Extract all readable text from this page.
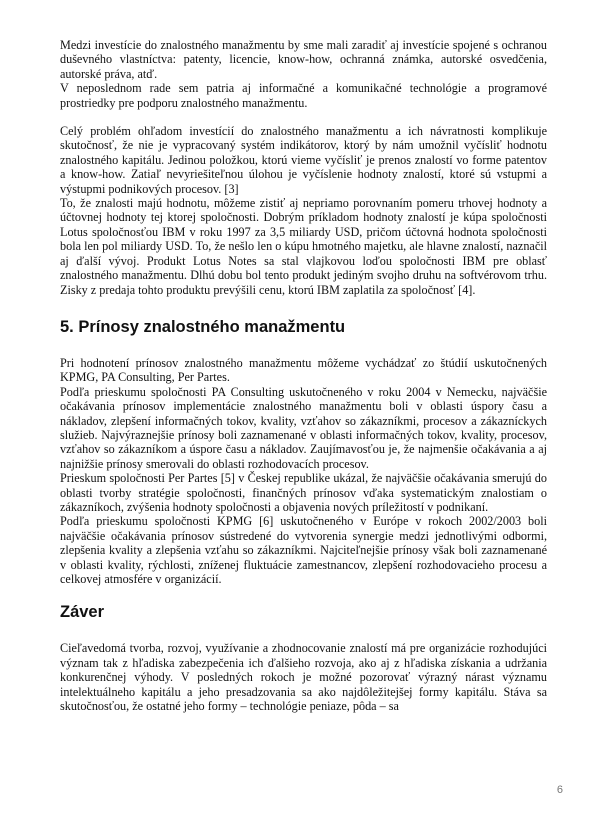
Medzi investície do znalostného manažmentu by sme mali zaradiť aj investície spojené s ochranou duševného vlastníctva: patenty, licencie, know-how, ochranná známka, autorské osvedčenia, autorské práva, atď.

V neposlednom rade sem patria aj informačné a komunikačné technológie a programové prostriedky pre podporu znalostného manažmentu.

Celý problém ohľadom investícií do znalostného manažmentu a ich návratnosti komplikuje skutočnosť, že nie je vypracovaný systém indikátorov, ktorý by nám umožnil vyčísliť hodnotu znalostného kapitálu. Jedinou položkou, ktorú vieme vyčísliť je prenos znalostí vo forme patentov a know-how. Zatiaľ nevyriešiteľnou úlohou je vyčíslenie hodnoty znalostí, ktoré sú vstupmi a výstupmi podnikových procesov. [3]

To, že znalosti majú hodnotu, môžeme zistiť aj nepriamo porovnaním pomeru trhovej hodnoty a účtovnej hodnoty tej ktorej spoločnosti. Dobrým príkladom hodnoty znalostí je kúpa spoločnosti Lotus spoločnosťou IBM v roku 1997 za 3,5 miliardy USD, pričom účtovná hodnota spoločnosti bola len pol miliardy USD. To, že nešlo len o kúpu hmotného majetku, ale hlavne znalostí, naznačil aj ďalší vývoj. Produkt Lotus Notes sa stal vlajkovou loďou spoločnosti IBM pre oblasť znalostného manažmentu. Dlhú dobu bol tento produkt jediným svojho druhu na softvérovom trhu. Zisky z predaja tohto produktu prevýšili cenu, ktorú IBM zaplatila za spoločnosť [4].

5. Prínosy znalostného manažmentu

Pri hodnotení prínosov znalostného manažmentu môžeme vychádzať zo štúdií uskutočnených KPMG, PA Consulting, Per Partes.

Podľa prieskumu spoločnosti PA Consulting uskutočneného v roku 2004 v Nemecku, najväčšie očakávania prínosov implementácie znalostného manažmentu boli v oblasti úspory času a nákladov, zlepšení informačných tokov, kvality, vzťahov so zákazníkmi, procesov a zákazníckych služieb. Najvýraznejšie prínosy boli zaznamenané v oblasti informačných tokov, kvality, procesov, vzťahov so zákazníkom a úspore času a nákladov. Zaujímavosťou je, že najmenšie očakávania a aj najnižšie prínosy smerovali do oblasti rozhodovacích procesov.

Prieskum spoločnosti Per Partes [5] v Českej republike ukázal, že najväčšie očakávania smerujú do oblasti tvorby stratégie spoločnosti, finančných prínosov vďaka systematickým znalostiam o zákazníkoch, zvýšenia hodnoty spoločnosti a objavenia nových príležitostí v podnikaní.

Podľa prieskumu spoločnosti KPMG [6] uskutočneného v Európe v rokoch 2002/2003 boli najväčšie očakávania prínosov sústredené do vytvorenia synergie medzi jednotlivými odbormi, zlepšenia kvality a zlepšenia vzťahu so zákazníkmi. Najciteľnejšie prínosy však boli zaznamenané v oblasti kvality, rýchlosti, zníženej fluktuácie zamestnancov, zlepšení rozhodovacieho procesu a celkovej atmosfére v organizácií.

Záver

Cieľavedomá tvorba, rozvoj, využívanie a zhodnocovanie znalostí má pre organizácie rozhodujúci význam tak z hľadiska zabezpečenia ich ďalšieho rozvoja, ako aj z hľadiska získania a udržania konkurenčnej výhody. V posledných rokoch je možné pozorovať výrazný nárast významu intelektuálneho kapitálu a jeho presadzovania sa ako najdôležitejšej formy kapitálu. Stáva sa skutočnosťou, že ostatné jeho formy – technológie peniaze, pôda – sa

6
